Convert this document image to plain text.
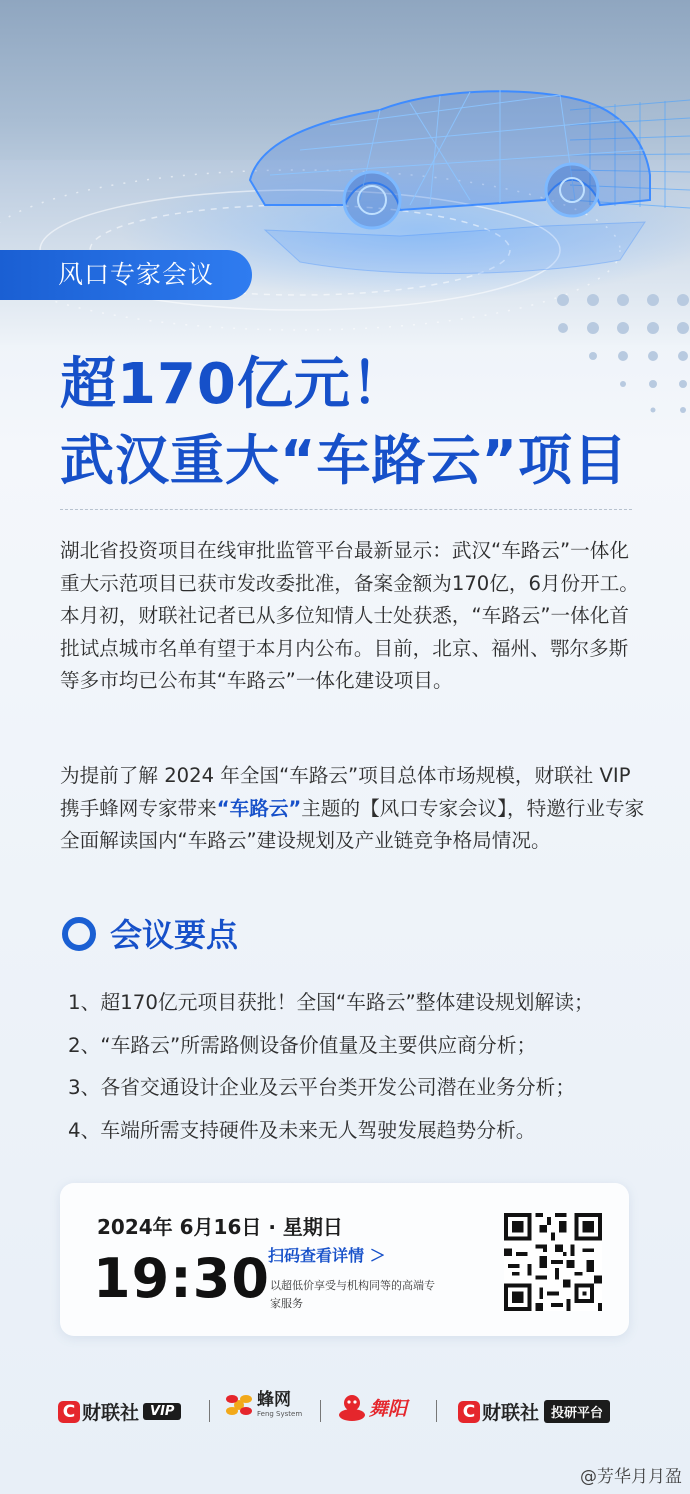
风口专家会议
超170亿元！
武汉重大“车路云”项目

湖北省投资项目在线审批监管平台最新显示：武汉“车路云”一体化重大示范项目已获市发改委批准，备案金额为170亿，6月份开工。本月初，财联社记者已从多位知情人士处获悉，“车路云”一体化首批试点城市名单有望于本月内公布。目前，北京、福州、鄂尔多斯等多市均已公布其“车路云”一体化建设项目。

为提前了解 2024 年全国“车路云”项目总体市场规模，财联社 VIP 携手蜂网专家带来“车路云”主题的【风口专家会议】，特邀行业专家全面解读国内“车路云”建设规划及产业链竞争格局情况。

会议要点
1、超170亿元项目获批！全国“车路云”整体建设规划解读；
2、“车路云”所需路侧设备价值量及主要供应商分析；
3、各省交通设计企业及云平台类开发公司潜在业务分析；
4、车端所需支持硬件及未来无人驾驶发展趋势分析。
2024年 6月16日 · 星期日
19:30
扫码查看详情 ＞
以超低价享受与机构同等的高端专家服务
C 财联社 VIP
蜂网
Feng System	舞阳	C 财联社 投研平台
@芳华月月盈
